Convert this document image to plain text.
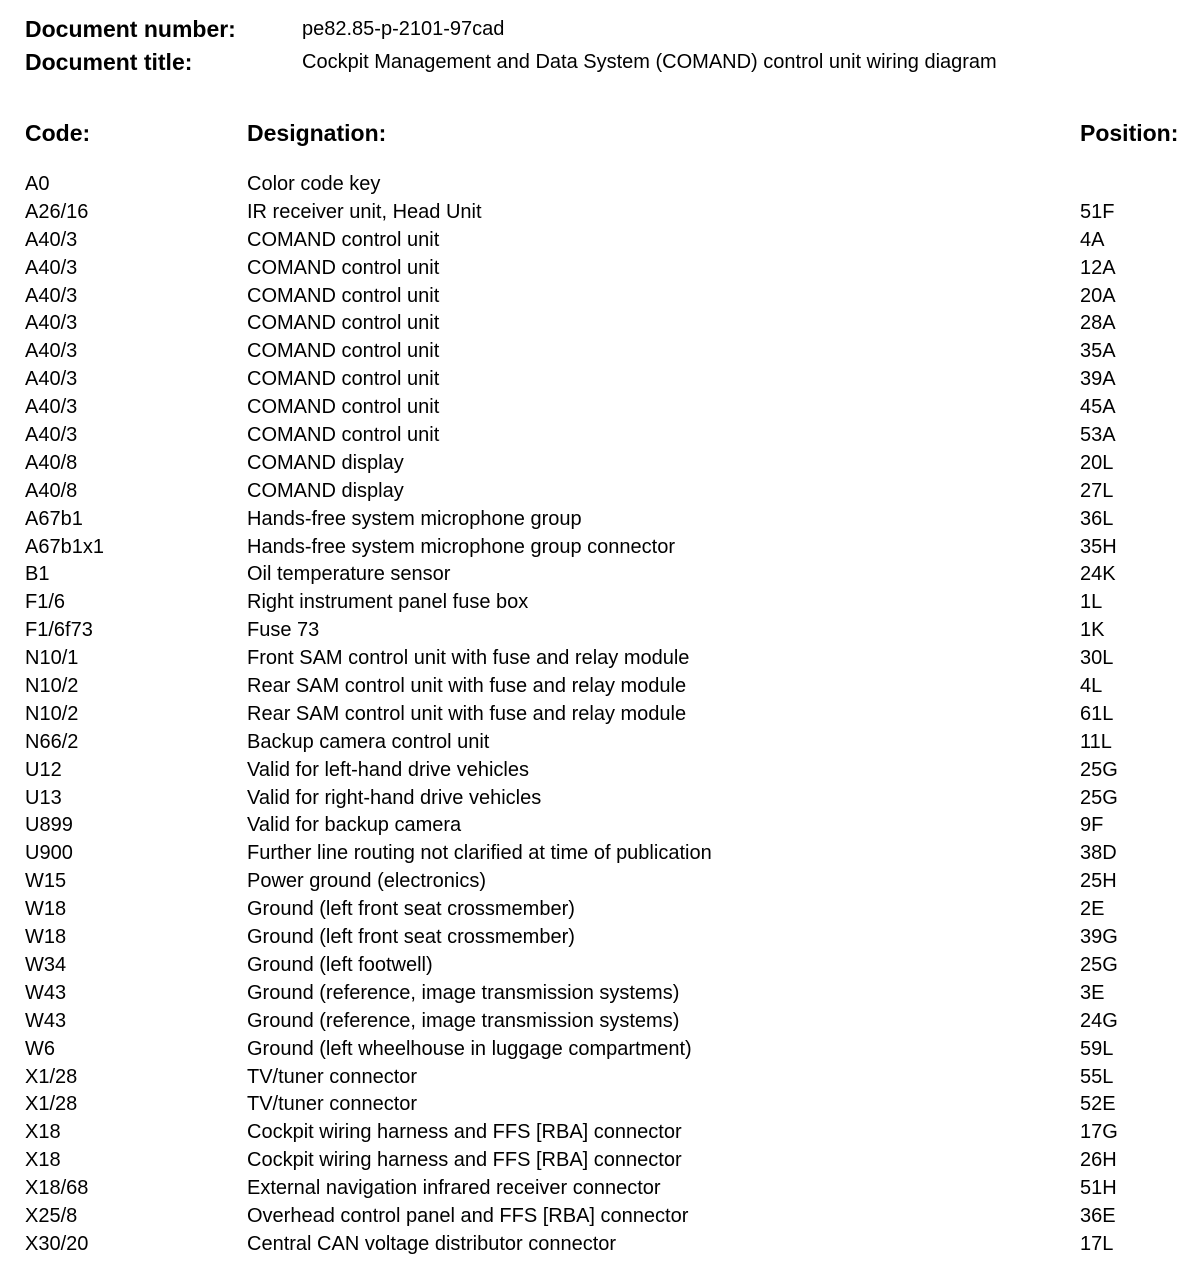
Document number:	pe82.85-p-2101-97cad
Document title:	Cockpit Management and Data System (COMAND) control unit wiring diagram
Code:	Designation:	Position:
A0	Color code key
A26/16	IR receiver unit, Head Unit	51F
A40/3	COMAND control unit	4A
A40/3	COMAND control unit	12A
A40/3	COMAND control unit	20A
A40/3	COMAND control unit	28A
A40/3	COMAND control unit	35A
A40/3	COMAND control unit	39A
A40/3	COMAND control unit	45A
A40/3	COMAND control unit	53A
A40/8	COMAND display	20L
A40/8	COMAND display	27L
A67b1	Hands-free system microphone group	36L
A67b1x1	Hands-free system microphone group connector	35H
B1	Oil temperature sensor	24K
F1/6	Right instrument panel fuse box	1L
F1/6f73	Fuse 73	1K
N10/1	Front SAM control unit with fuse and relay module	30L
N10/2	Rear SAM control unit with fuse and relay module	4L
N10/2	Rear SAM control unit with fuse and relay module	61L
N66/2	Backup camera control unit	11L
U12	Valid for left-hand drive vehicles	25G
U13	Valid for right-hand drive vehicles	25G
U899	Valid for backup camera	9F
U900	Further line routing not clarified at time of publication	38D
W15	Power ground (electronics)	25H
W18	Ground (left front seat crossmember)	2E
W18	Ground (left front seat crossmember)	39G
W34	Ground (left footwell)	25G
W43	Ground (reference, image transmission systems)	3E
W43	Ground (reference, image transmission systems)	24G
W6	Ground (left wheelhouse in luggage compartment)	59L
X1/28	TV/tuner connector	55L
X1/28	TV/tuner connector	52E
X18	Cockpit wiring harness and FFS [RBA] connector	17G
X18	Cockpit wiring harness and FFS [RBA] connector	26H
X18/68	External navigation infrared receiver connector	51H
X25/8	Overhead control panel and FFS [RBA] connector	36E
X30/20	Central CAN voltage distributor connector	17L
